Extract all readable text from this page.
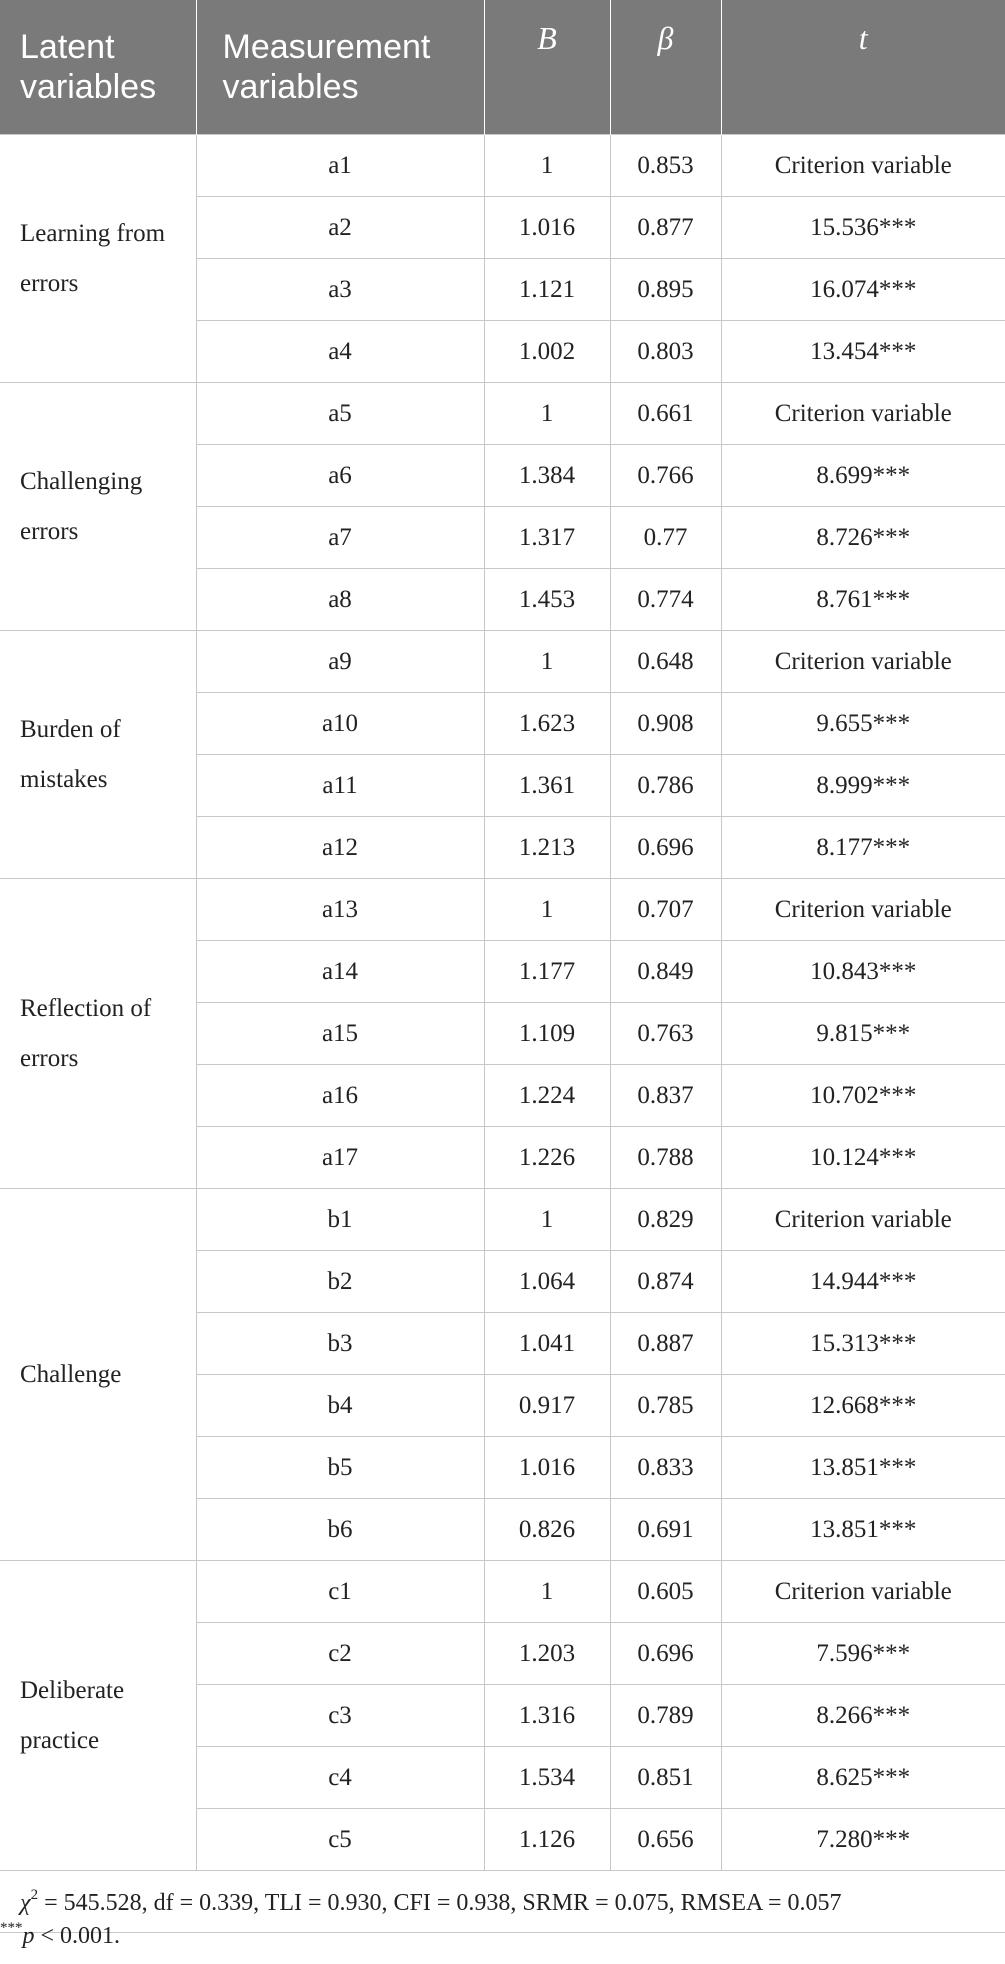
Latent variables	Measurement variables	B	β	t
Learning from errors	a1	1	0.853	Criterion variable
	a2	1.016	0.877	15.536***
	a3	1.121	0.895	16.074***
	a4	1.002	0.803	13.454***
Challenging errors	a5	1	0.661	Criterion variable
	a6	1.384	0.766	8.699***
	a7	1.317	0.77	8.726***
	a8	1.453	0.774	8.761***
Burden of mistakes	a9	1	0.648	Criterion variable
	a10	1.623	0.908	9.655***
	a11	1.361	0.786	8.999***
	a12	1.213	0.696	8.177***
Reflection of errors	a13	1	0.707	Criterion variable
	a14	1.177	0.849	10.843***
	a15	1.109	0.763	9.815***
	a16	1.224	0.837	10.702***
	a17	1.226	0.788	10.124***
Challenge	b1	1	0.829	Criterion variable
	b2	1.064	0.874	14.944***
	b3	1.041	0.887	15.313***
	b4	0.917	0.785	12.668***
	b5	1.016	0.833	13.851***
	b6	0.826	0.691	13.851***
Deliberate practice	c1	1	0.605	Criterion variable
	c2	1.203	0.696	7.596***
	c3	1.316	0.789	8.266***
	c4	1.534	0.851	8.625***
	c5	1.126	0.656	7.280***
$\chi^2 = 545.528$, df = 0.339, TLI = 0.930, CFI = 0.938, SRMR = 0.075, RMSEA = 0.057				
***p < 0.001.
